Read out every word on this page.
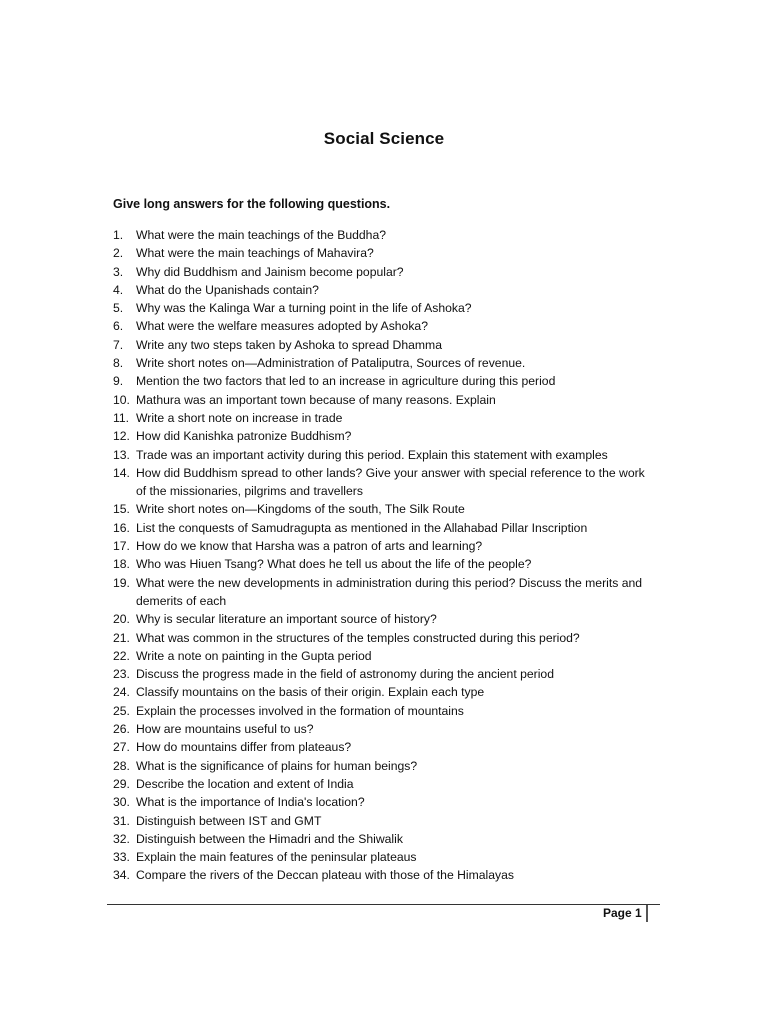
Social Science
Give long answers for the following questions.
1.	What were the main teachings of the Buddha?
2.	What were the main teachings of Mahavira?
3.	Why did Buddhism and Jainism become popular?
4.	What do the Upanishads contain?
5.	Why was the Kalinga War a turning point in the life of Ashoka?
6.	What were the welfare measures adopted by Ashoka?
7.	Write any two steps taken by Ashoka to spread Dhamma
8.	Write short notes on—Administration of Pataliputra, Sources of revenue.
9.	Mention the two factors that led to an increase in agriculture during this period
10. Mathura was an important town because of many reasons. Explain
11. Write a short note on increase in trade
12. How did Kanishka patronize Buddhism?
13. Trade was an important activity during this period. Explain this statement with examples
14. How did Buddhism spread to other lands? Give your answer with special reference to the work of the missionaries, pilgrims and travellers
15. Write short notes on—Kingdoms of the south, The Silk Route
16. List the conquests of Samudragupta as mentioned in the Allahabad Pillar Inscription
17. How do we know that Harsha was a patron of arts and learning?
18. Who was Hiuen Tsang? What does he tell us about the life of the people?
19. What were the new developments in administration during this period? Discuss the merits and demerits of each
20. Why is secular literature an important source of history?
21. What was common in the structures of the temples constructed during this period?
22. Write a note on painting in the Gupta period
23. Discuss the progress made in the field of astronomy during the ancient period
24. Classify mountains on the basis of their origin. Explain each type
25. Explain the processes involved in the formation of mountains
26. How are mountains useful to us?
27. How do mountains differ from plateaus?
28. What is the significance of plains for human beings?
29. Describe the location and extent of India
30. What is the importance of India's location?
31. Distinguish between IST and GMT
32. Distinguish between the Himadri and the Shiwalik
33. Explain the main features of the peninsular plateaus
34. Compare the rivers of the Deccan plateau with those of the Himalayas
Page 1
